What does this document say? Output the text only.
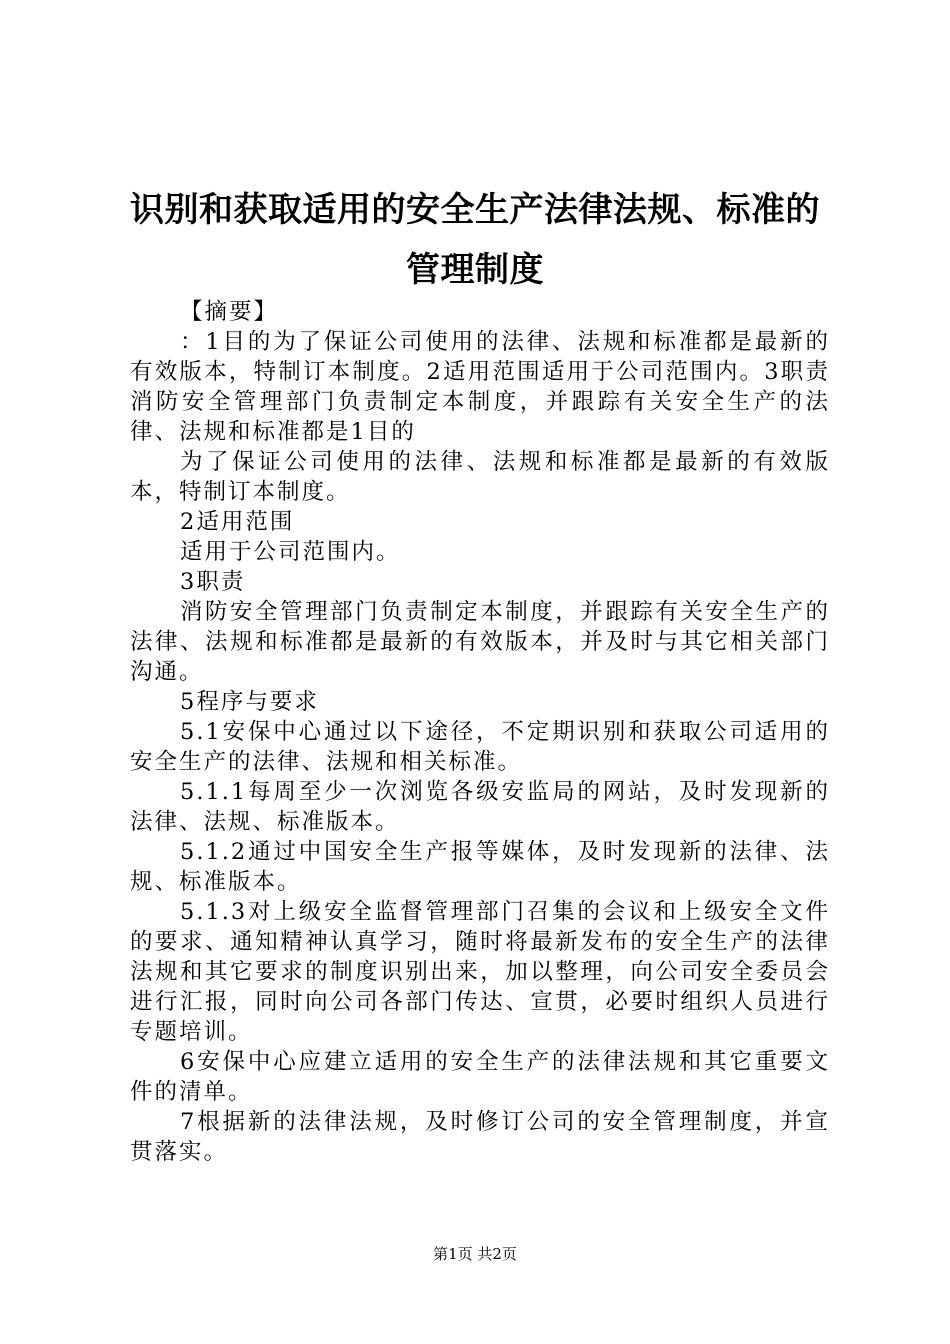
识别和获取适用的安全生产法律法规、标准的管理制度

【摘要】

：1目的为了保证公司使用的法律、法规和标准都是最新的有效版本，特制订本制度。2适用范围适用于公司范围内。3职责消防安全管理部门负责制定本制度，并跟踪有关安全生产的法律、法规和标准都是1目的

为了保证公司使用的法律、法规和标准都是最新的有效版本，特制订本制度。

2适用范围

适用于公司范围内。

3职责

消防安全管理部门负责制定本制度，并跟踪有关安全生产的法律、法规和标准都是最新的有效版本，并及时与其它相关部门沟通。

5程序与要求

5.1安保中心通过以下途径，不定期识别和获取公司适用的安全生产的法律、法规和相关标准。

5.1.1每周至少一次浏览各级安监局的网站，及时发现新的法律、法规、标准版本。

5.1.2通过中国安全生产报等媒体，及时发现新的法律、法规、标准版本。

5.1.3对上级安全监督管理部门召集的会议和上级安全文件的要求、通知精神认真学习，随时将最新发布的安全生产的法律法规和其它要求的制度识别出来，加以整理，向公司安全委员会进行汇报，同时向公司各部门传达、宣贯，必要时组织人员进行专题培训。

6安保中心应建立适用的安全生产的法律法规和其它重要文件的清单。

7根据新的法律法规，及时修订公司的安全管理制度，并宣贯落实。

第1页 共2页
